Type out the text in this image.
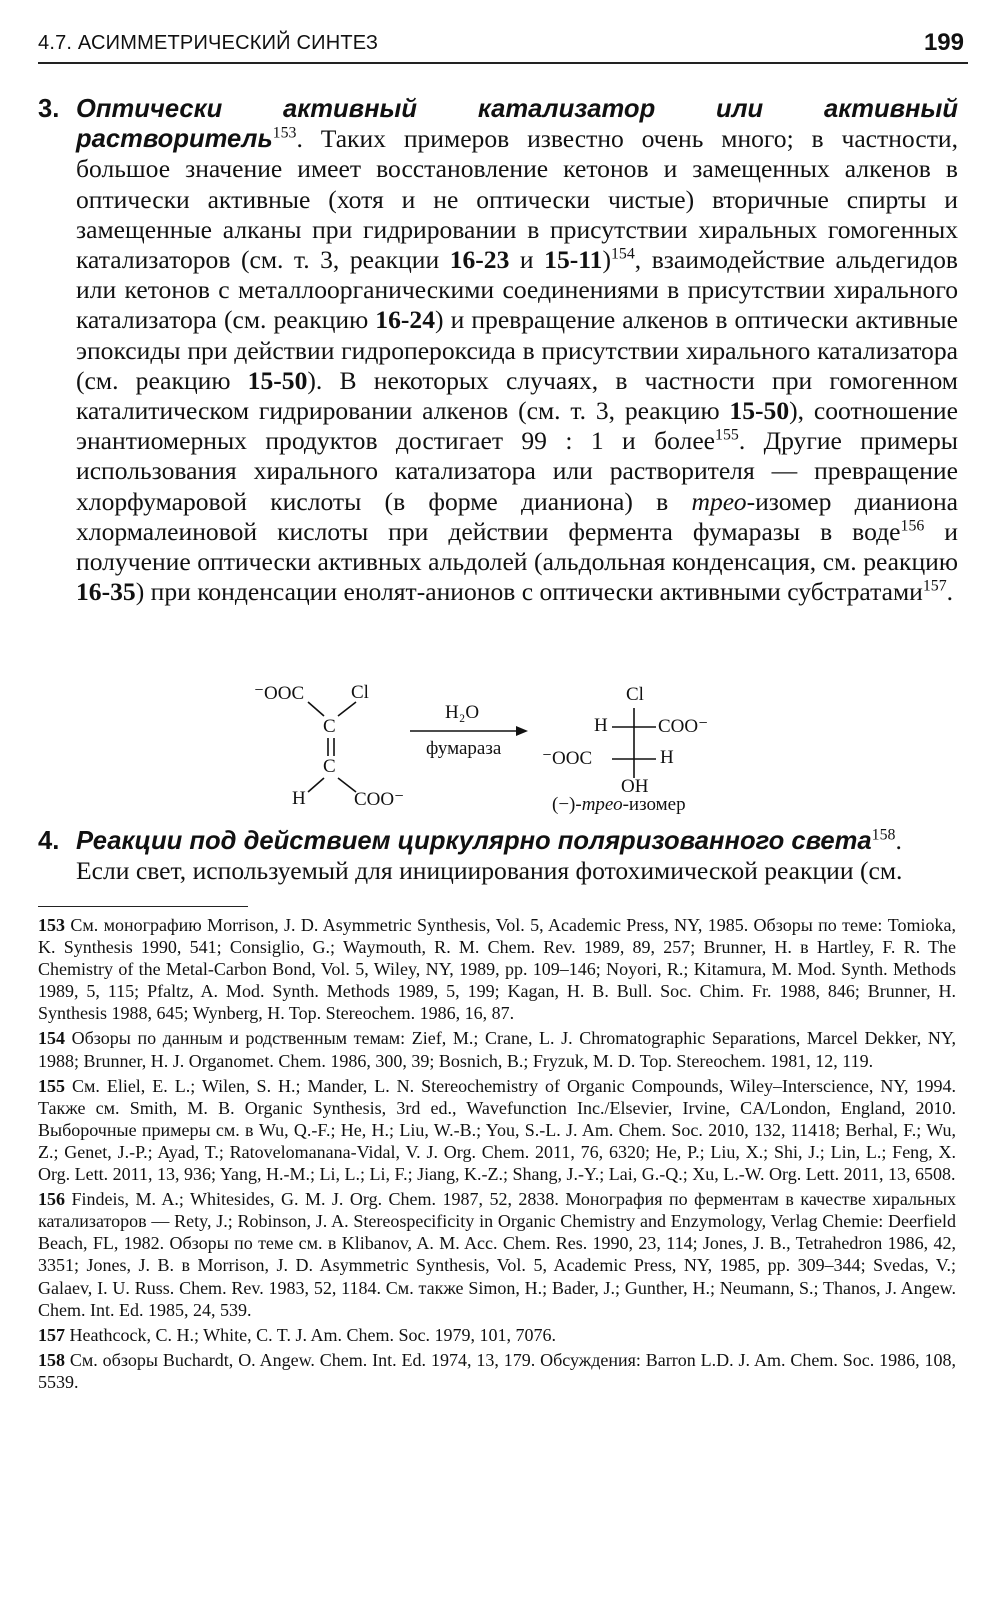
4.7. АСИММЕТРИЧЕСКИЙ СИНТЕЗ	199
3. Оптически активный катализатор или активный растворитель$^{153}$. Таких примеров известно очень много; в частности, большое значение имеет восстановление кетонов и замещенных алкенов в оптически активные (хотя и не оптически чистые) вторичные спирты и замещенные алканы при гидрировании в присутствии хиральных гомогенных катализаторов (см. т. 3, реакции 16-23 и 15-11)$^{154}$, взаимодействие альдегидов или кетонов с металлоорганическими соединениями в присутствии хирального катализатора (см. реакцию 16-24) и превращение алкенов в оптически активные эпоксиды при действии гидропероксида в присутствии хирального катализатора (см. реакцию 15-50). В некоторых случаях, в частности при гомогенном каталитическом гидрировании алкенов (см. т. 3, реакцию 15-50), соотношение энантиомерных продуктов достигает 99 : 1 и более$^{155}$. Другие примеры использования хирального катализатора или растворителя — превращение хлорфумаровой кислоты (в форме дианиона) в трео-изомер дианиона хлормалеиновой кислоты при действии фермента фумаразы в воде$^{156}$ и получение оптически активных альдолей (альдольная конденсация, см. реакцию 16-35) при конденсации енолят-анионов с оптически активными субстратами$^{157}$.
⁻OOC Cl
C
C
H	COO⁻
H₂O
фумараза
Cl
H	COO⁻
⁻OOC	H
OH
(−)-трео-изомер
4. Реакции под действием циркулярно поляризованного света$^{158}$. Если свет, используемый для инициирования фотохимической реакции (см.
153 См. монографию Morrison, J. D. Asymmetric Synthesis, Vol. 5, Academic Press, NY, 1985. Обзоры по теме: Tomioka, K. Synthesis 1990, 541; Consiglio, G.; Waymouth, R. M. Chem. Rev. 1989, 89, 257; Brunner, H. в Hartley, F. R. The Chemistry of the Metal-Carbon Bond, Vol. 5, Wiley, NY, 1989, pp. 109–146; Noyori, R.; Kitamura, M. Mod. Synth. Methods 1989, 5, 115; Pfaltz, A. Mod. Synth. Methods 1989, 5, 199; Kagan, H. B. Bull. Soc. Chim. Fr. 1988, 846; Brunner, H. Synthesis 1988, 645; Wynberg, H. Top. Stereochem. 1986, 16, 87.
154 Обзоры по данным и родственным темам: Zief, M.; Crane, L. J. Chromatographic Separations, Marcel Dekker, NY, 1988; Brunner, H. J. Organomet. Chem. 1986, 300, 39; Bosnich, B.; Fryzuk, M. D. Top. Stereochem. 1981, 12, 119.
155 См. Eliel, E. L.; Wilen, S. H.; Mander, L. N. Stereochemistry of Organic Compounds, Wiley–Interscience, NY, 1994. Также см. Smith, M. B. Organic Synthesis, 3rd ed., Wavefunction Inc./Elsevier, Irvine, CA/London, England, 2010. Выборочные примеры см. в Wu, Q.-F.; He, H.; Liu, W.-B.; You, S.-L. J. Am. Chem. Soc. 2010, 132, 11418; Berhal, F.; Wu, Z.; Genet, J.-P.; Ayad, T.; Ratovelomanana-Vidal, V. J. Org. Chem. 2011, 76, 6320; He, P.; Liu, X.; Shi, J.; Lin, L.; Feng, X. Org. Lett. 2011, 13, 936; Yang, H.-M.; Li, L.; Li, F.; Jiang, K.-Z.; Shang, J.-Y.; Lai, G.-Q.; Xu, L.-W. Org. Lett. 2011, 13, 6508.
156 Findeis, M. A.; Whitesides, G. M. J. Org. Chem. 1987, 52, 2838. Монография по ферментам в качестве хиральных катализаторов — Rety, J.; Robinson, J. A. Stereospecificity in Organic Chemistry and Enzymology, Verlag Chemie: Deerfield Beach, FL, 1982. Обзоры по теме см. в Klibanov, A. M. Acc. Chem. Res. 1990, 23, 114; Jones, J. B., Tetrahedron 1986, 42, 3351; Jones, J. B. в Morrison, J. D. Asymmetric Synthesis, Vol. 5, Academic Press, NY, 1985, pp. 309–344; Svedas, V.; Galaev, I. U. Russ. Chem. Rev. 1983, 52, 1184. См. также Simon, H.; Bader, J.; Gunther, H.; Neumann, S.; Thanos, J. Angew. Chem. Int. Ed. 1985, 24, 539.
157 Heathcock, C. H.; White, C. T. J. Am. Chem. Soc. 1979, 101, 7076.
158 См. обзоры Buchardt, O. Angew. Chem. Int. Ed. 1974, 13, 179. Обсуждения: Barron L.D. J. Am. Chem. Soc. 1986, 108, 5539.
